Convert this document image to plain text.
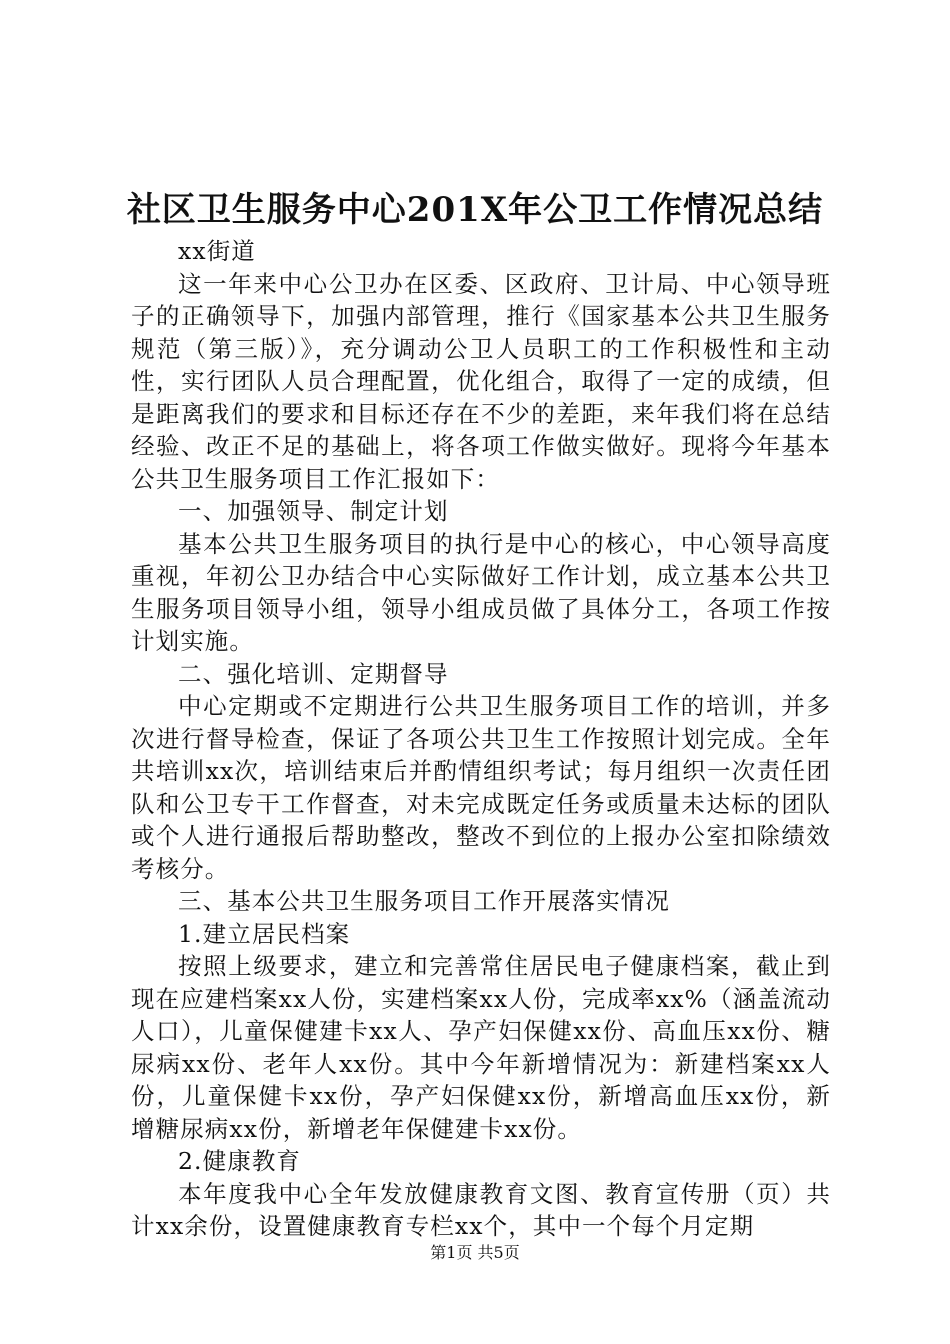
社区卫生服务中心201X年公卫工作情况总结

xx街道

这一年来中心公卫办在区委、区政府、卫计局、中心领导班子的正确领导下，加强内部管理，推行《国家基本公共卫生服务规范（第三版）》，充分调动公卫人员职工的工作积极性和主动性，实行团队人员合理配置，优化组合，取得了一定的成绩，但是距离我们的要求和目标还存在不少的差距，来年我们将在总结经验、改正不足的基础上，将各项工作做实做好。现将今年基本公共卫生服务项目工作汇报如下：

一、加强领导、制定计划

基本公共卫生服务项目的执行是中心的核心，中心领导高度重视，年初公卫办结合中心实际做好工作计划，成立基本公共卫生服务项目领导小组，领导小组成员做了具体分工，各项工作按计划实施。

二、强化培训、定期督导

中心定期或不定期进行公共卫生服务项目工作的培训，并多次进行督导检查，保证了各项公共卫生工作按照计划完成。全年共培训xx次，培训结束后并酌情组织考试；每月组织一次责任团队和公卫专干工作督查，对未完成既定任务或质量未达标的团队或个人进行通报后帮助整改，整改不到位的上报办公室扣除绩效考核分。

三、基本公共卫生服务项目工作开展落实情况

1.建立居民档案

按照上级要求，建立和完善常住居民电子健康档案，截止到现在应建档案xx人份，实建档案xx人份，完成率xx%（涵盖流动人口），儿童保健建卡xx人、孕产妇保健xx份、高血压xx份、糖尿病xx份、老年人xx份。其中今年新增情况为：新建档案xx人份，儿童保健卡xx份，孕产妇保健xx份，新增高血压xx份，新增糖尿病xx份，新增老年保健建卡xx份。

2.健康教育

本年度我中心全年发放健康教育文图、教育宣传册（页）共计xx余份，设置健康教育专栏xx个，其中一个每个月定期

第1页 共5页
